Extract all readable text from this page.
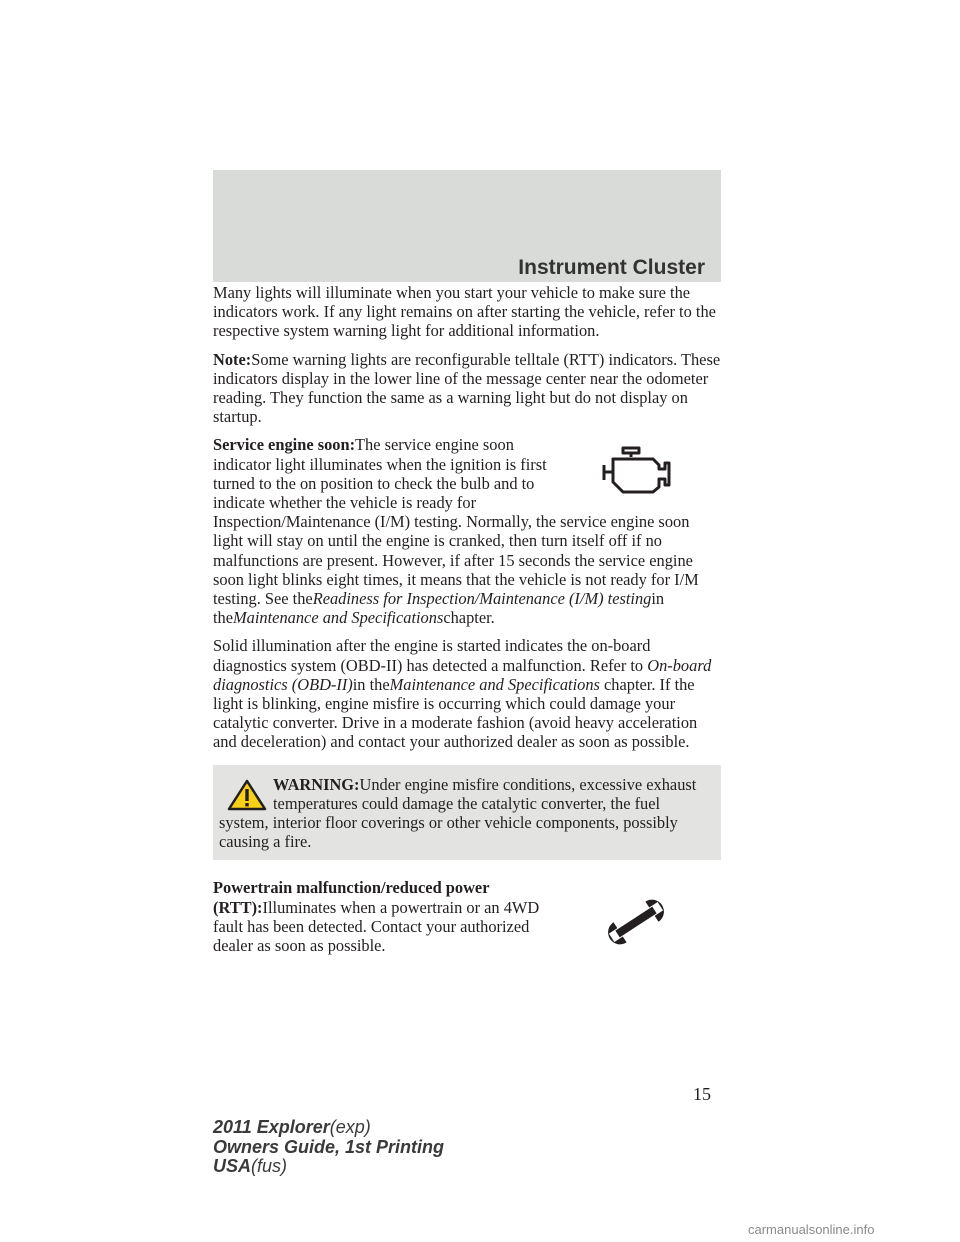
Instrument Cluster

Many lights will illuminate when you start your vehicle to make sure the indicators work. If any light remains on after starting the vehicle, refer to the respective system warning light for additional information.

Note:Some warning lights are reconfigurable telltale (RTT) indicators. These indicators display in the lower line of the message center near the odometer reading. They function the same as a warning light but do not display on startup.

Service engine soon:The service engine soon indicator light illuminates when the ignition is first turned to the on position to check the bulb and to indicate whether the vehicle is ready for Inspection/Maintenance (I/M) testing. Normally, the service engine soon light will stay on until the engine is cranked, then turn itself off if no malfunctions are present. However, if after 15 seconds the service engine soon light blinks eight times, it means that the vehicle is not ready for I/M testing. See theReadiness for Inspection/Maintenance (I/M) testingin theMaintenance and Specificationschapter.

Solid illumination after the engine is started indicates the on-board diagnostics system (OBD-II) has detected a malfunction. Refer to On-board diagnostics (OBD-II)in theMaintenance and Specifications chapter. If the light is blinking, engine misfire is occurring which could damage your catalytic converter. Drive in a moderate fashion (avoid heavy acceleration and deceleration) and contact your authorized dealer as soon as possible.

WARNING:Under engine misfire conditions, excessive exhaust temperatures could damage the catalytic converter, the fuel system, interior floor coverings or other vehicle components, possibly causing a fire.

Powertrain malfunction/reduced power (RTT):Illuminates when a powertrain or an 4WD fault has been detected. Contact your authorized dealer as soon as possible.

15
2011 Explorer(exp)
Owners Guide, 1st Printing
USA(fus)
carmanualsonline.info
